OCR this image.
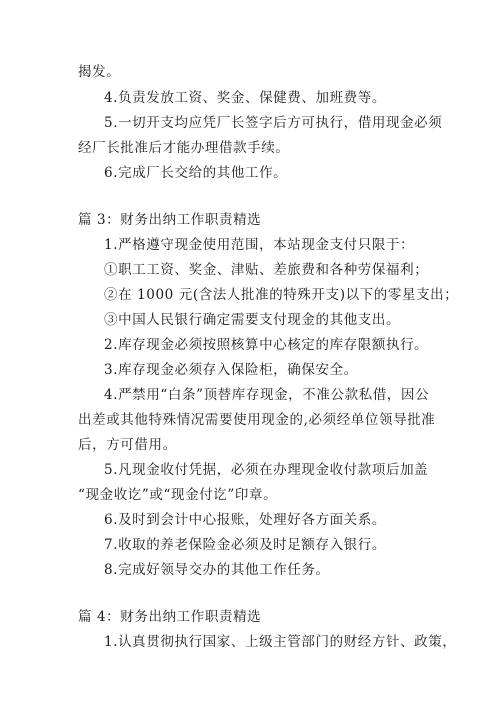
揭发。
4.负责发放工资、奖金、保健费、加班费等。
5.一切开支均应凭厂长签字后方可执行，借用现金必须
经厂长批准后才能办理借款手续。
6.完成厂长交给的其他工作。
篇 3：财务出纳工作职责精选
1.严格遵守现金使用范围，本站现金支付只限于：
①职工工资、奖金、津贴、差旅费和各种劳保福利；
②在 1000 元(含法人批准的特殊开支)以下的零星支出；
③中国人民银行确定需要支付现金的其他支出。
2.库存现金必须按照核算中心核定的库存限额执行。
3.库存现金必须存入保险柜，确保安全。
4.严禁用“白条”顶替库存现金，不准公款私借，因公
出差或其他特殊情况需要使用现金的,必须经单位领导批准
后，方可借用。
5.凡现金收付凭据，必须在办理现金收付款项后加盖
“现金收讫”或“现金付讫”印章。
6.及时到会计中心报账，处理好各方面关系。
7.收取的养老保险金必须及时足额存入银行。
8.完成好领导交办的其他工作任务。
篇 4：财务出纳工作职责精选
1.认真贯彻执行国家、上级主管部门的财经方针、政策，
